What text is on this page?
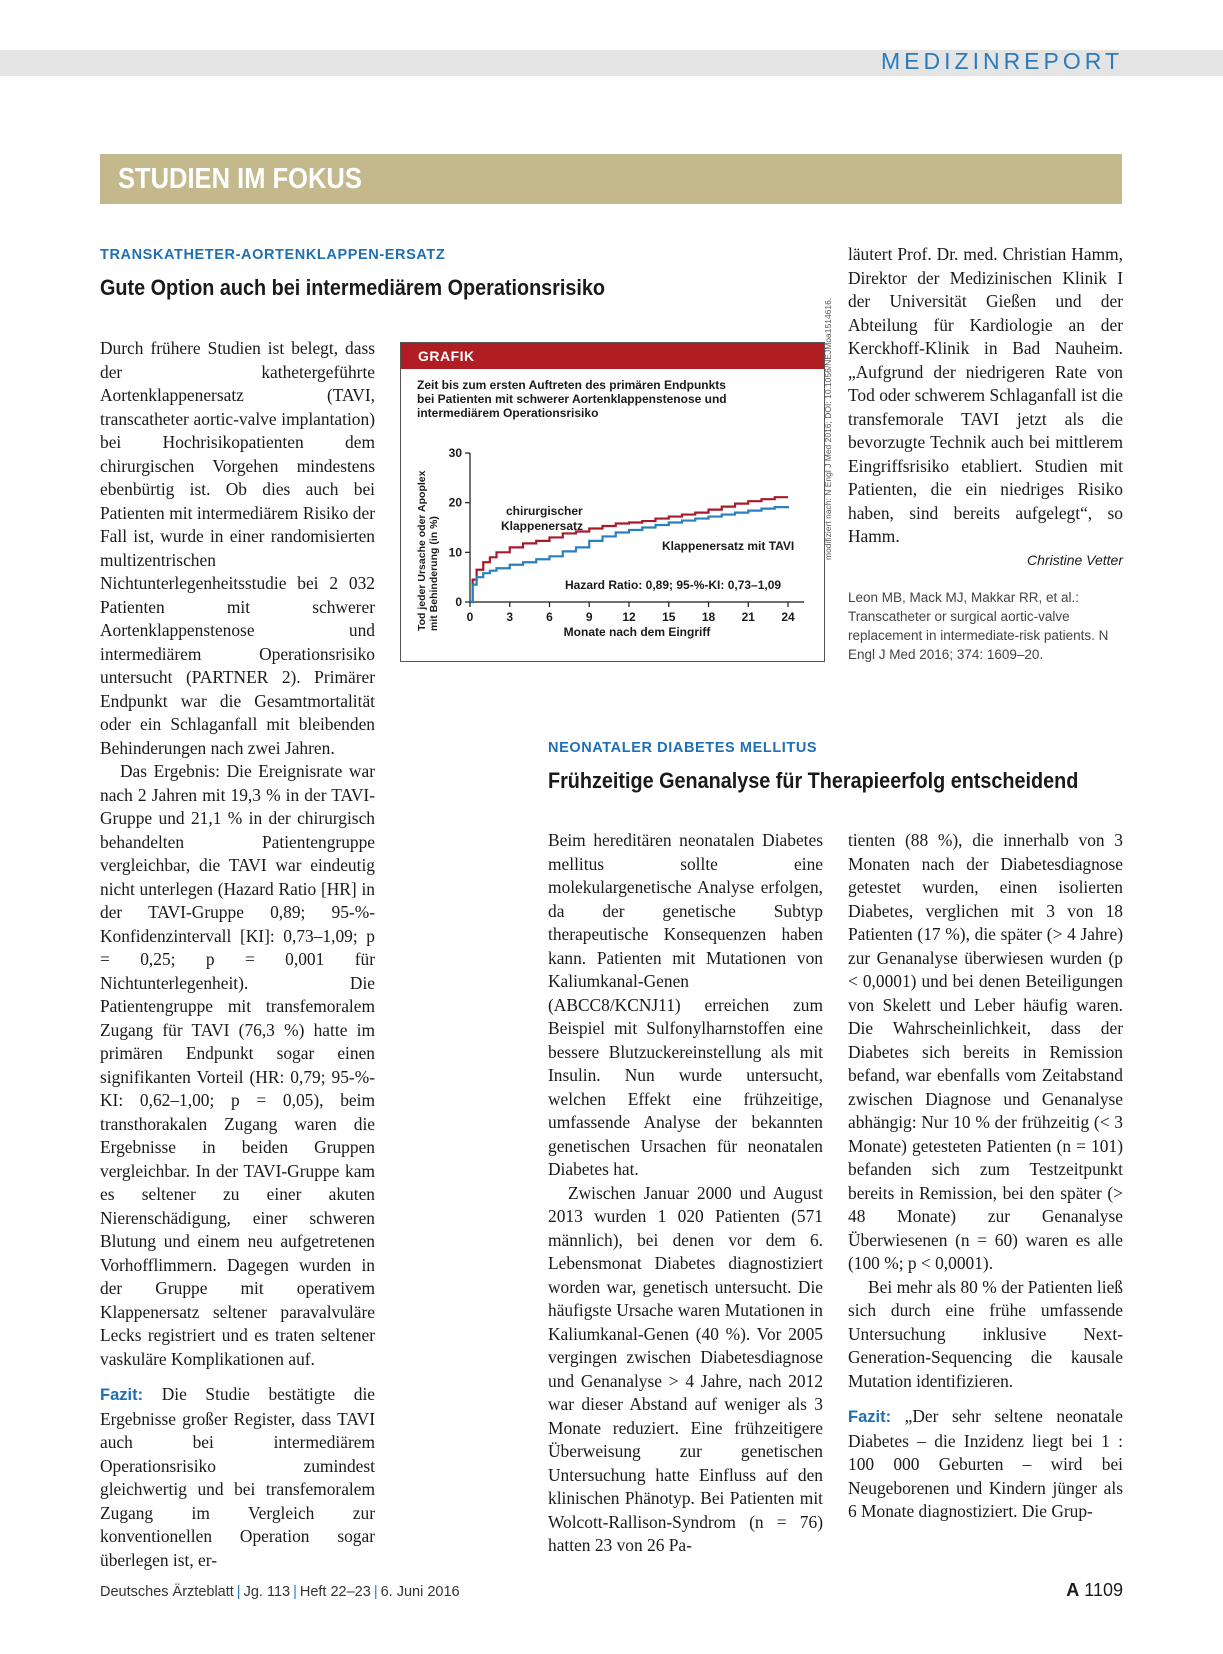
MEDIZINREPORT
STUDIEN IM FOKUS
TRANSKATHETER-AORTENKLAPPEN-ERSATZ
Gute Option auch bei intermediärem Operationsrisiko

Durch frühere Studien ist belegt, dass der kathetergeführte Aortenklappenersatz (TAVI, transcatheter aortic-valve implantation) bei Hochrisikopatienten dem chirurgischen Vorgehen mindestens ebenbürtig ist. Ob dies auch bei Patienten mit intermediärem Risiko der Fall ist, wurde in einer randomisierten multizentrischen Nichtunterlegenheitsstudie bei 2 032 Patienten mit schwerer Aortenklappenstenose und intermediärem Operationsrisiko untersucht (PARTNER 2). Primärer Endpunkt war die Gesamtmortalität oder ein Schlaganfall mit bleibenden Behinderungen nach zwei Jahren.

Das Ergebnis: Die Ereignisrate war nach 2 Jahren mit 19,3 % in der TAVI-Gruppe und 21,1 % in der chirurgisch behandelten Patientengruppe vergleichbar, die TAVI war eindeutig nicht unterlegen (Hazard Ratio [HR] in der TAVI-Gruppe 0,89; 95-%-Konfidenzintervall [KI]: 0,73–1,09; p = 0,25; p = 0,001 für Nichtunterlegenheit). Die Patientengruppe mit transfemoralem Zugang für TAVI (76,3 %) hatte im primären Endpunkt sogar einen signifikanten Vorteil (HR: 0,79; 95-%-KI: 0,62–1,00; p = 0,05), beim transthorakalen Zugang waren die Ergebnisse in beiden Gruppen vergleichbar. In der TAVI-Gruppe kam es seltener zu einer akuten Nierenschädigung, einer schweren Blutung und einem neu aufgetretenen Vorhofflimmern. Dagegen wurden in der Gruppe mit operativem Klappenersatz seltener paravalvuläre Lecks registriert und es traten seltener vaskuläre Komplikationen auf.

Fazit: Die Studie bestätigte die Ergebnisse großer Register, dass TAVI auch bei intermediärem Operationsrisiko zumindest gleichwertig und bei transfemoralem Zugang im Vergleich zur konventionellen Operation sogar überlegen ist, er-

läutert Prof. Dr. med. Christian Hamm, Direktor der Medizinischen Klinik I der Universität Gießen und der Abteilung für Kardiologie an der Kerckhoff-Klinik in Bad Nauheim. „Aufgrund der niedrigeren Rate von Tod oder schwerem Schlaganfall ist die transfemorale TAVI jetzt als die bevorzugte Technik auch bei mittlerem Eingriffsrisiko etabliert. Studien mit Patienten, die ein niedriges Risiko haben, sind bereits aufgelegt“, so Hamm.

Christine Vetter
Leon MB, Mack MJ, Makkar RR, et al.: Transcatheter or surgical aortic-valve replacement in intermediate-risk patients. N Engl J Med 2016; 374: 1609–20.
GRAFIK
Zeit bis zum ersten Auftreten des primären Endpunkts
bei Patienten mit schwerer Aortenklappenstenose und
intermediärem Operationsrisiko
Tod jeder Ursache oder Apoplex mit Behinderung (in %) 0
10
20
30
0	3	6	9 12 15 18 21 24
chirurgischer
Klappenersatz
Klappenersatz mit TAVI
Hazard Ratio: 0,89; 95-%-KI: 0,73–1,09
Monate nach dem Eingriff
modifiziert nach: N Engl J Med 2016; DOI: 10.1056/NEJMoa1514616.
NEONATALER DIABETES MELLITUS
Frühzeitige Genanalyse für Therapieerfolg entscheidend

Beim hereditären neonatalen Diabetes mellitus sollte eine molekulargenetische Analyse erfolgen, da der genetische Subtyp therapeutische Konsequenzen haben kann. Patienten mit Mutationen von Kaliumkanal-Genen (ABCC8/KCNJ11) erreichen zum Beispiel mit Sulfonylharnstoffen eine bessere Blutzuckereinstellung als mit Insulin. Nun wurde untersucht, welchen Effekt eine frühzeitige, umfassende Analyse der bekannten genetischen Ursachen für neonatalen Diabetes hat.

Zwischen Januar 2000 und August 2013 wurden 1 020 Patienten (571 männlich), bei denen vor dem 6. Lebensmonat Diabetes diagnostiziert worden war, genetisch untersucht. Die häufigste Ursache waren Mutationen in Kaliumkanal-Genen (40 %). Vor 2005 vergingen zwischen Diabetesdiagnose und Genanalyse > 4 Jahre, nach 2012 war dieser Abstand auf weniger als 3 Monate reduziert. Eine frühzeitigere Überweisung zur genetischen Untersuchung hatte Einfluss auf den klinischen Phänotyp. Bei Patienten mit Wolcott-Rallison-Syndrom (n = 76) hatten 23 von 26 Pa-

tienten (88 %), die innerhalb von 3 Monaten nach der Diabetesdiagnose getestet wurden, einen isolierten Diabetes, verglichen mit 3 von 18 Patienten (17 %), die später (> 4 Jahre) zur Genanalyse überwiesen wurden (p < 0,0001) und bei denen Beteiligungen von Skelett und Leber häufig waren. Die Wahrscheinlichkeit, dass der Diabetes sich bereits in Remission befand, war ebenfalls vom Zeitabstand zwischen Diagnose und Genanalyse abhängig: Nur 10 % der frühzeitig (< 3 Monate) getesteten Patienten (n = 101) befanden sich zum Testzeitpunkt bereits in Remission, bei den später (> 48 Monate) zur Genanalyse Überwiesenen (n = 60) waren es alle (100 %; p < 0,0001).

Bei mehr als 80 % der Patienten ließ sich durch eine frühe umfassende Untersuchung inklusive Next-Generation-Sequencing die kausale Mutation identifizieren.

Fazit: „Der sehr seltene neonatale Diabetes – die Inzidenz liegt bei 1 : 100 000 Geburten – wird bei Neugeborenen und Kindern jünger als 6 Monate diagnostiziert. Die Grup-

Deutsches Ärzteblatt | Jg. 113 | Heft 22–23 | 6. Juni 2016	A 1109
